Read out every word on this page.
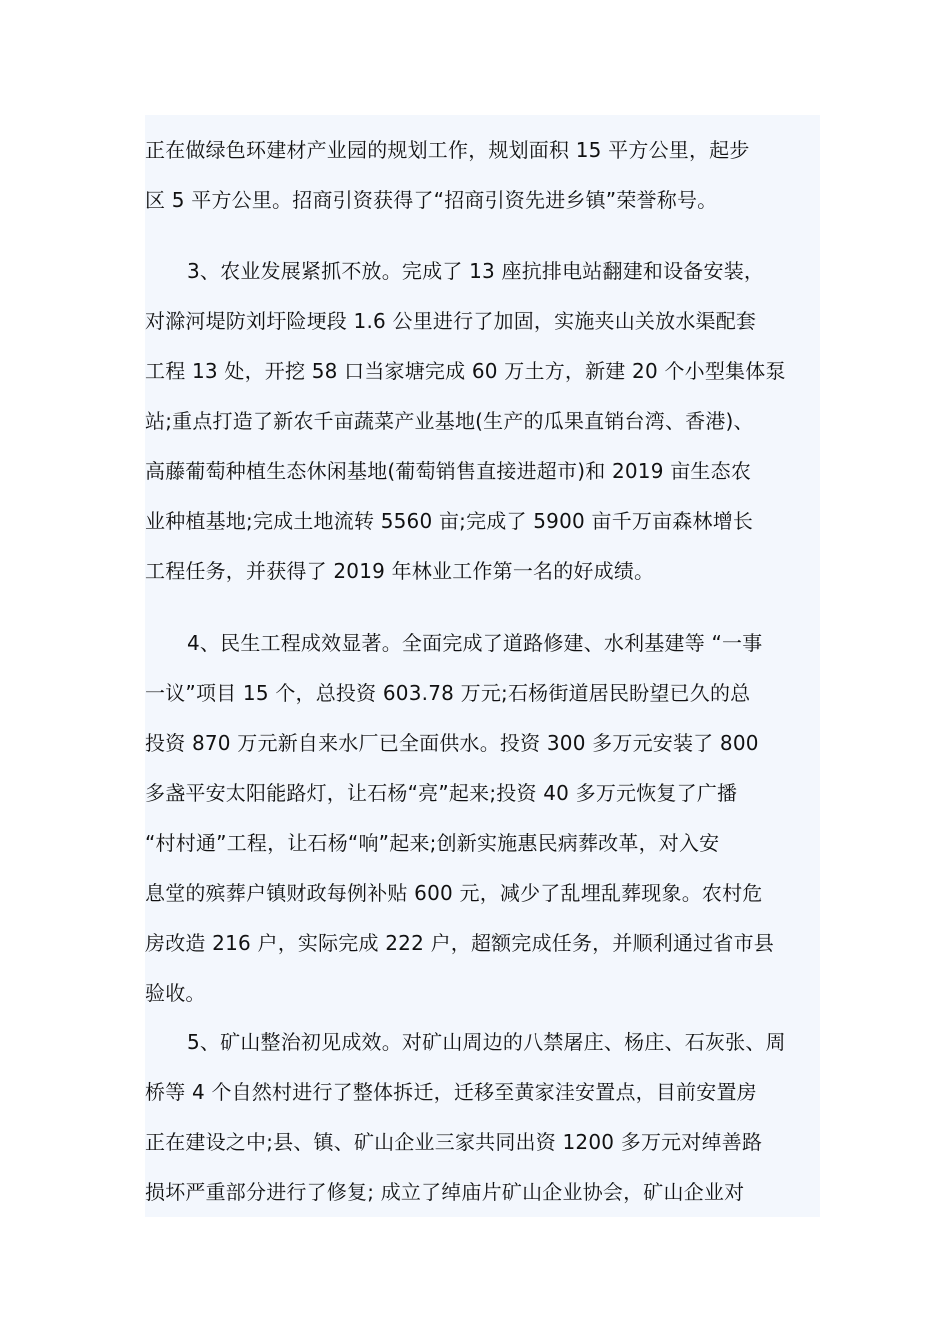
正在做绿色环建材产业园的规划工作，规划面积 15 平方公里，起步
区 5 平方公里。招商引资获得了“招商引资先进乡镇”荣誉称号。
3、农业发展紧抓不放。完成了 13 座抗排电站翻建和设备安装，
对滁河堤防刘圩险埂段 1.6 公里进行了加固，实施夹山关放水渠配套
工程 13 处，开挖 58 口当家塘完成 60 万土方，新建 20 个小型集体泵
站;重点打造了新农千亩蔬菜产业基地(生产的瓜果直销台湾、香港)、
高藤葡萄种植生态休闲基地(葡萄销售直接进超市)和 2019 亩生态农
业种植基地;完成土地流转 5560 亩;完成了 5900 亩千万亩森林增长
工程任务，并获得了 2019 年林业工作第一名的好成绩。
4、民生工程成效显著。全面完成了道路修建、水利基建等 “一事
一议”项目 15 个，总投资 603.78 万元;石杨街道居民盼望已久的总
投资 870 万元新自来水厂已全面供水。投资 300 多万元安装了 800
多盏平安太阳能路灯，让石杨“亮”起来;投资 40 多万元恢复了广播
“村村通”工程，让石杨“响”起来;创新实施惠民病葬改革，对入安
息堂的殡葬户镇财政每例补贴 600 元，减少了乱埋乱葬现象。农村危
房改造 216 户，实际完成 222 户，超额完成任务，并顺利通过省市县
验收。
5、矿山整治初见成效。对矿山周边的八禁屠庄、杨庄、石灰张、周
桥等 4 个自然村进行了整体拆迁，迁移至黄家洼安置点，目前安置房
正在建设之中;县、镇、矿山企业三家共同出资 1200 多万元对绰善路
损坏严重部分进行了修复; 成立了绰庙片矿山企业协会，矿山企业对
